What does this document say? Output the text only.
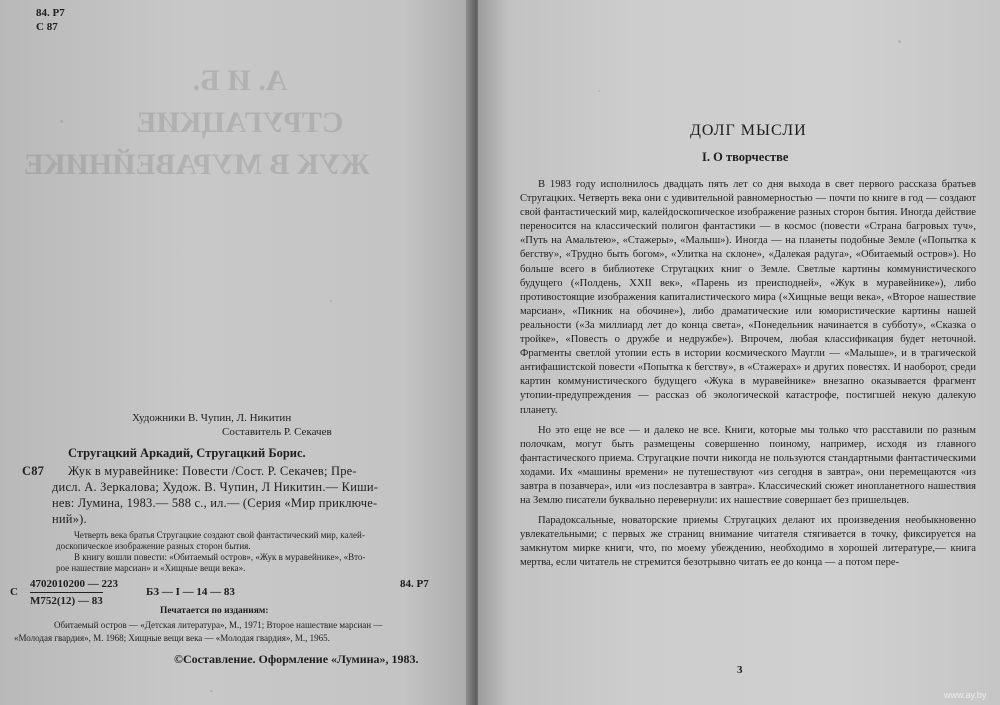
84. Р7
С 87
А. И Б.
СТРУГАЦКИЕ
ЖУК В МУРАВЕЙНИКЕ
Художники В. Чупин, Л. Никитин
Составитель Р. Секачев
Стругацкий Аркадий, Стругацкий Борис.
С87 Жук в муравейнике: Повести /Сост. Р. Секачев; Пре-
дисл. А. Зеркалова; Худож. В. Чупин, Л Никитин.— Киши-
нев: Лумина, 1983.— 588 с., ил.— (Серия «Мир приключе-
ний»).
Четверть века братья Стругацкие создают свой фантастический мир, калей-
доскопическое изображение разных сторон бытия.
В книгу вошли повести: «Обитаемый остров», «Жук в муравейнике», «Вто-
рое нашествие марсиан» и «Хищные вещи века».
С
4702010200 — 223
М752(12) — 83
БЗ — I — 14 — 83
84. Р7
Печатается по изданиям:
Обитаемый остров — «Детская литература», М., 1971; Второе нашествие марсиан —
«Молодая гвардия», М. 1968; Хищные вещи века — «Молодая гвардия», М., 1965.
©Составление. Оформление «Лумина», 1983.
ДОЛГ МЫСЛИ
I. О творчестве

В 1983 году исполнилось двадцать пять лет со дня выхода в свет первого рассказа братьев Стругацких. Четверть века они с удивительной равномерностью — почти по книге в год — создают свой фантастический мир, калейдоскопическое изображение разных сторон бытия. Иногда действие переносится на классический полигон фантастики — в космос (повести «Страна багровых туч», «Путь на Амальтею», «Стажеры», «Малыш»). Иногда — на планеты подобные Земле («Попытка к бегству», «Трудно быть богом», «Улитка на склоне», «Далекая радуга», «Обитаемый остров»). Но больше всего в библиотеке Стругацких книг о Земле. Светлые картины коммунистического будущего («Полдень, XXII век», «Парень из преисподней», «Жук в муравейнике»), либо противостоящие изображения капиталистического мира («Хищные вещи века», «Второе нашествие марсиан», «Пикник на обочине»), либо драматические или юмористические картины нашей реальности («За миллиард лет до конца света», «Понедельник начинается в субботу», «Сказка о тройке», «Повесть о дружбе и недружбе»). Впрочем, любая классификация будет неточной. Фрагменты светлой утопии есть в истории космического Маугли — «Малыше», и в трагической антифашистской повести «Попытка к бегству», в «Стажерах» и других повестях. И наоборот, среди картин коммунистического будущего «Жука в муравейнике» внезапно оказывается фрагмент утопии-предупреждения — рассказ об экологической катастрофе, постигшей некую далекую планету.

Но это еще не все — и далеко не все. Книги, которые мы только что расставили по разным полочкам, могут быть размещены совершенно поиному, например, исходя из главного фантастического приема. Стругацкие почти никогда не пользуются стандартными фантастическими ходами. Их «машины времени» не путешествуют «из сегодня в завтра», они перемещаются «из завтра в позавчера», или «из послезавтра в завтра». Классический сюжет инопланетного нашествия на Землю писатели буквально перевернули: их нашествие совершает без пришельцев.

Парадоксальные, новаторские приемы Стругацких делают их произведения необыкновенно увлекательными; с первых же страниц внимание читателя стягивается в точку, фиксируется на замкнутом мирке книги, что, по моему убеждению, необходимо в хорошей литературе,— книга мертва, если читатель не стремится безотрывно читать ее до конца — а потом пере-

3
www.ay.by
